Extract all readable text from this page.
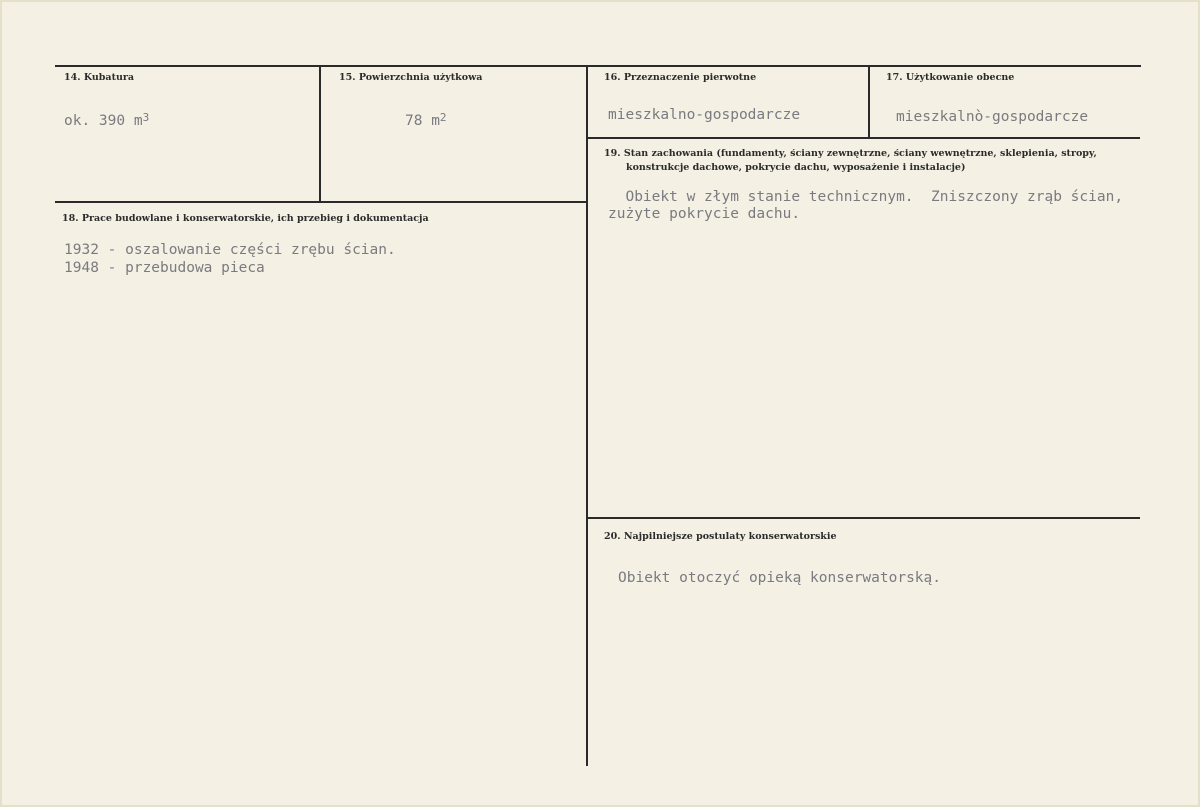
14. Kubatura
ok. 390 $m^3$
15. Powierzchnia użytkowa
78 $m^2$
16. Przeznaczenie pierwotne
mieszkalno-gospodarcze
17. Użytkowanie obecne
mieszkalnò-gospodarcze
18. Prace budowlane i konserwatorskie, ich przebieg i dokumentacja
1932 - oszalowanie części zrębu ścian.
1948 - przebudowa pieca
19. Stan zachowania (fundamenty, ściany zewnętrzne, ściany wewnętrzne, sklepienia, stropy,
konstrukcje dachowe, pokrycie dachu, wyposażenie i instalacje)
Obiekt w złym stanie technicznym.  Zniszczony zrąb ścian,
zużyte pokrycie dachu.
20. Najpilniejsze postulaty konserwatorskie
Obiekt otoczyć opieką konserwatorską.
